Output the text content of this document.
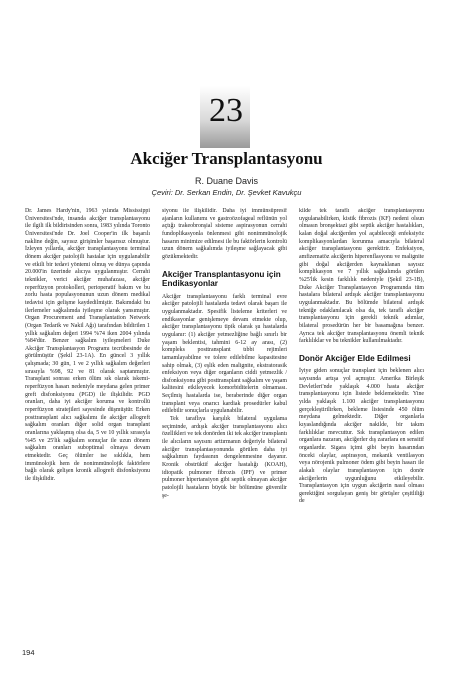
23
Akciğer Transplantasyonu
R. Duane Davis
Çeviri: Dr. Serkan Endin, Dr. Şevket Kavukçu

Dr. James Hardy'nin, 1963 yılında Mississippi Üniversitesi'nde, insanda akciğer transplantasyonu ile ilgili ilk bildirisinden sonra, 1983 yılında Toronto Üniversitesi'nde Dr. Joel Cooper'in ilk başarılı nakline değin, sayısız girişimler başarısız olmuştur. İzleyen yıllarda, akciğer transplantasyonu terminal dönem akciğer patolojili hastalar için uygulanabilir ve etkili bir tedavi yöntemi olmuş ve dünya çapında 20.000'in üzerinde alıcıya uygulanmıştır. Cerrahi teknikler, verici akciğer muhafazası, akciğer reperfüzyon protokolleri, perioperatif bakım ve bu zorlu hasta populasyonunun uzun dönem medikal tedavisi için gelişme kaydedilmiştir. Bakımdaki bu ilerlemeler sağkalımda iyileşme olarak yansımıştır. Organ Procurement and Transplantation Network (Organ Tedarik ve Nakil Ağı) tarafından bildirilen 1 yıllık sağkalım değeri 1994 %74 iken 2004 yılında %84'dür. Benzer sağkalım iyileşmeleri Duke Akciğer Transplantasyon Programı tecrübesinde de görülmüştür (Şekil 23-1A). En güncel 3 yıllık çalışmada; 30 gün, 1 ve 2 yıllık sağkalım değerleri sırasıyla %98, 92 ve 81 olarak saptanmıştır. Transplant sonrası erken ölüm sık olarak iskemi-reperfüzyon hasarı nedeniyle meydana gelen primer greft disfonksiyonu (PGD) ile ilişkilidir. PGD oranları, daha iyi akciğer koruma ve kontrollü reperfüzyon stratejileri sayesinde düşmüştür. Erken posttransplant alıcı sağkalımı ile akciğer allogreft sağkalım oranları diğer solid organ transplant oranlarına yaklaşmış olsa da, 5 ve 10 yıllık sırasıyla %45 ve 25'lik sağkalım sonuçlar ile uzun dönem sağkalım oranları suboptimal olmaya devam etmektedir. Geç ölümler ise sıklıkla, hem immünolojik hem de nonimmünolojik faktörlere bağlı olarak gelişen kronik allogreft disfonksiyonu ile ilişkilidir.

siyonu ile ilişkilidir. Daha iyi immünsüpresif ajanların kullanımı ve gastroözofageal reflünün yol açtığı trakeobronşial sisteme aspirasyonun cerrahi fundoplikasyonla önlenmesi gibi nonimmünolojik hasarın minimize edilmesi ile bu faktörlerin kontrolü uzun dönem sağkalımda iyileşme sağlayacak gibi gözükmektedir.

Akciğer Transplantasyonu için Endikasyonlar

Akciğer transplantasyonu farklı terminal evre akciğer patolojili hastalarda tedavi olarak başarı ile uygulanmaktadır. Spesifik listeleme kriterleri ve endikasyonlar genişlemeye devam etmekte olup, akciğer transplantasyonu tipik olarak şu hastalarda uygulanır: (1) akciğer yetmezliğine bağlı sınırlı bir yaşam beklentisi, tahmini 6-12 ay arası, (2) kompleks posttransplant tıbbi rejimleri tamamlayabilme ve tolere edilebilme kapasitesine sahip olmak, (3) eşlik eden malignite, ekstratorasik enfeksiyon veya diğer organların ciddi yetmezlik / disfonksiyonu gibi posttransplant sağkalım ve yaşam kalitesini etkileyecek komorbiditelerin olmaması. Seçilmiş hastalarda ise, beraberinde diğer organ transplant veya onarıcı kardiak prosedürler kabul edilebilir sonuçlarla uygulanabilir.

Tek taraflıya karşılık bilateral uygulama seçiminde, ardışık akciğer transplantasyonu alıcı özellikleri ve tek donörden iki tek akciğer transplantı ile alıcıların sayısını arttırmanın değeriyle bilateral akciğer transplantasyonunda görülen daha iyi sağkalımın faydasının dengelenmesine dayanır. Kronik obstrüktif akciğer hastalığı (KOAH), idiopatik pulmoner fibrozis (IPF) ve primer pulmoner hipertansiyon gibi septik olmayan akciğer patolojili hastaların büyük bir bölümüne güvenilir şe-

kilde tek taraflı akciğer transplantasyonu uygulanabilirken, kistik fibrozis (KF) nedeni olsun olmasın bronşektazi gibi septik akciğer hastalıkları, kalan doğal akciğerden yol açabileceği enfeksiyöz komplikasyonlardan korunma amacıyla bilateral akciğer transplantasyonu gerektirir. Enfeksiyon, amfizematöz akciğerin hiperenflasyonu ve malignite gibi doğal akciğerden kaynaklanan sayısız komplikasyon ve 7 yıllık sağkalımda görülen %25'lik kesin farklılık nedeniyle (Şekil 23-1B), Duke Akciğer Transplantasyon Programında tüm hastalara bilateral ardışık akciğer transplantasyonu uygulanmaktadır. Bu bölümde bilateral ardışık tekniğe odaklanılacak olsa da, tek taraflı akciğer transplantasyonu için gerekli teknik adımlar, bilateral prosedürün her bir basamağına benzer. Ayrıca tek akciğer transplantasyonu önemli teknik farklılıklar ve bu teknikler kullanılmaktadır.

Donör Akciğer Elde Edilmesi

İyiye giden sonuçlar transplant için beklenen alıcı sayısında artışa yol açmıştır. Amerika Birleşik Devletleri'nde yaklaşık 4.000 hasta akciğer transplantasyonu için listede beklemektedir. Yine yılda yaklaşık 1.100 akciğer transplantasyonu gerçekleştirilirken, bekleme listesinde 450 ölüm meydana gelmektedir. Diğer organlarla kıyaslandığında akciğer nakilde, bir takım farklılıklar mevcuttur. Sık transplantasyon edilen organlara nazaran, akciğerler dış zararlara en sensitif organlardır. Sigara içimi gibi beyin hasarından önceki olaylar, aspirasyon, mekanik ventilasyon veya nörojenik pulmoner ödem gibi beyin hasarı ile alakalı olaylar transplantasyon için donör akciğerlerin uygunluğunu etkileyebilir. Transplantasyon için uygun akciğerin nasıl olması gerektiğini sorgulayan geniş bir görüşler çeşitliliği de

194
